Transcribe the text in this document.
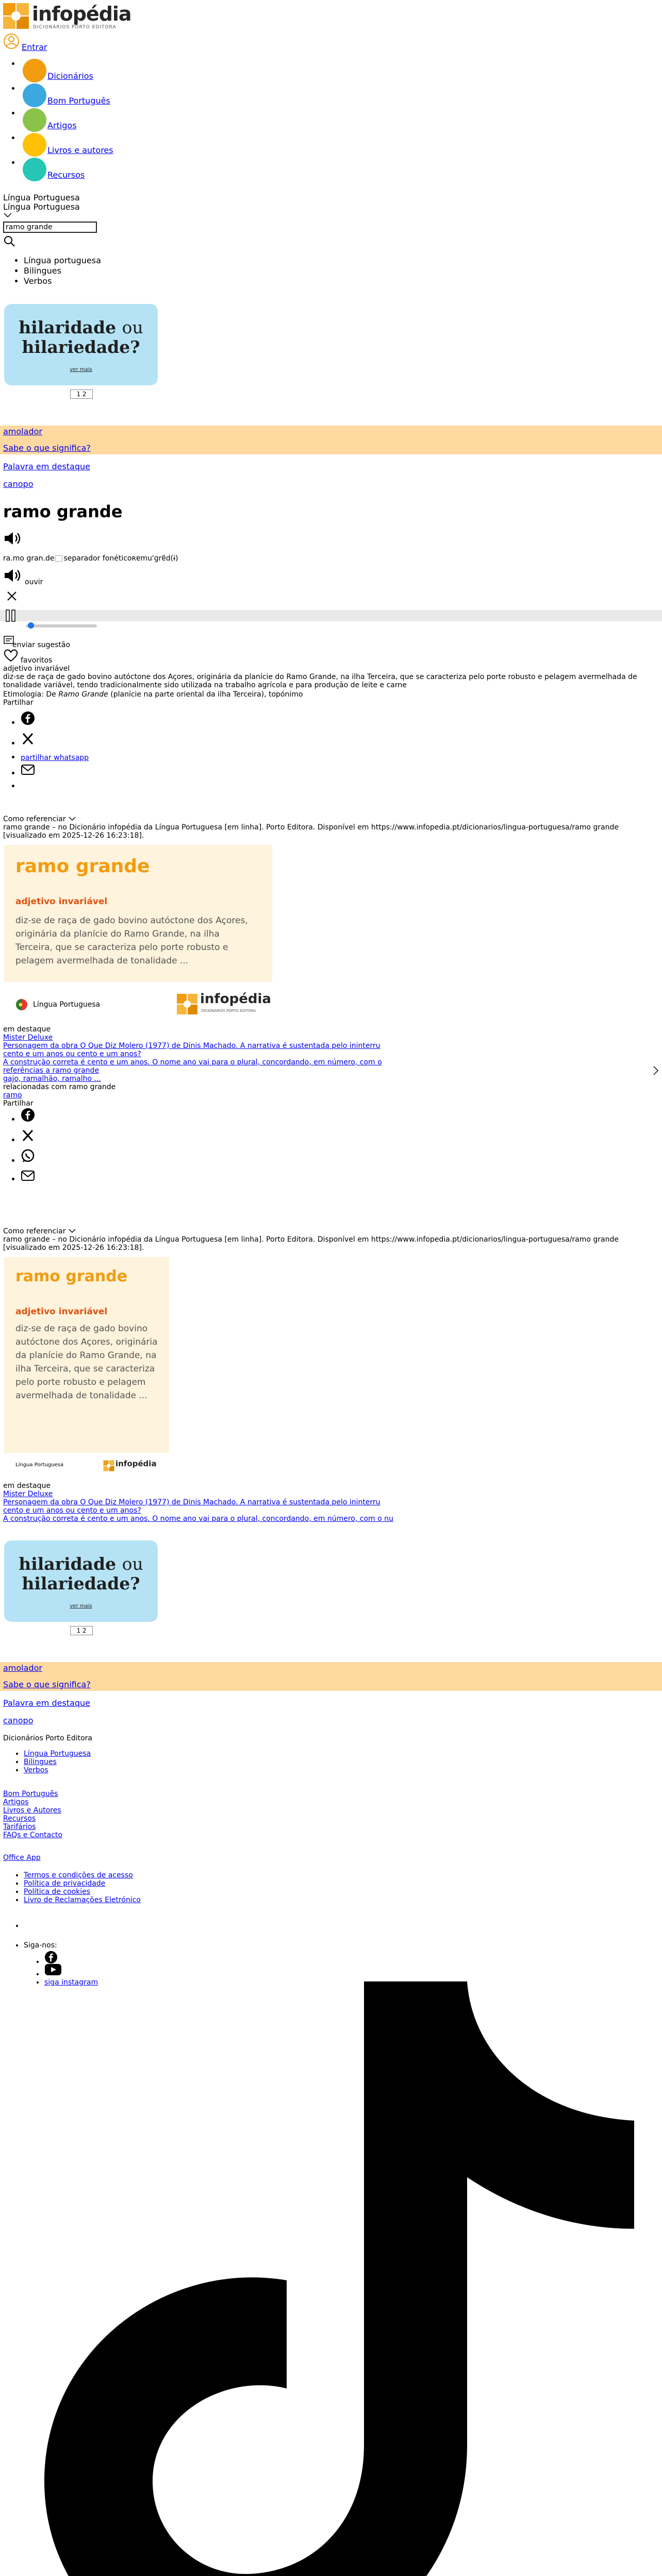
infopédia
DICIONÁRIOS PORTO EDITORA
Entrar
• Dicionários
• Bom Português
• Artigos
• Livros e autores
• Recursos
Língua Portuguesa
Língua Portuguesa
ramo grande
• Língua portuguesa
• Bilingues
• Verbos
hilaridade ou
hilariedade?
ver mais
1 2
amolador
Sabe o que significa?
Palavra em destaque
canopo
ramo grande
ra.mo gran.de separador fonéticoʀɐmu'ɡrɐ̃d(ɨ)
ouvir
enviar sugestão
favoritos
adjetivo invariável
diz-se de raça de gado bovino autóctone dos Açores, originária da planície do Ramo Grande, na ilha Terceira, que se caracteriza pelo porte robusto e pelagem avermelhada de tonalidade variável, tendo tradicionalmente sido utilizada na trabalho agrícola e para produção de leite e carne
Etimologia: De Ramo Grande (planície na parte oriental da ilha Terceira), topónimo
Partilhar
•
•
• partilhar whatsapp
•
•
Como referenciar
ramo grande – no Dicionário infopédia da Língua Portuguesa [em linha]. Porto Editora. Disponível em https://www.infopedia.pt/dicionarios/lingua-portuguesa/ramo grande [visualizado em 2025-12-26 16:23:18].
ramo grande
adjetivo invariável
diz-se de raça de gado bovino autóctone dos Açores, originária da planície do Ramo Grande, na ilha Terceira, que se caracteriza pelo porte robusto e pelagem avermelhada de tonalidade ...
Língua Portuguesa	infopédia
DICIONÁRIOS PORTO EDITORA
em destaque
Mister Deluxe
Personagem da obra O Que Diz Molero (1977) de Dinis Machado. A narrativa é sustentada pelo ininterru
cento e um anos ou cento e um anos?
A construção correta é cento e um anos. O nome ano vai para o plural, concordando, em número, com o
referências a ramo grande
gajo, ramalhão, ramalho ...
relacionadas com ramo grande
ramo
Partilhar
•
•
•
•
Como referenciar
ramo grande – no Dicionário infopédia da Língua Portuguesa [em linha]. Porto Editora. Disponível em https://www.infopedia.pt/dicionarios/lingua-portuguesa/ramo grande [visualizado em 2025-12-26 16:23:18].
ramo grande
adjetivo invariável
diz-se de raça de gado bovino autóctone dos Açores, originária da planície do Ramo Grande, na ilha Terceira, que se caracteriza pelo porte robusto e pelagem avermelhada de tonalidade ...
Língua Portuguesa	infopédia
em destaque
Mister Deluxe
Personagem da obra O Que Diz Molero (1977) de Dinis Machado. A narrativa é sustentada pelo ininterru
cento e um anos ou cento e um anos?
A construção correta é cento e um anos. O nome ano vai para o plural, concordando, em número, com o nu
hilaridade ou
hilariedade?
ver mais
1 2
amolador
Sabe o que significa?
Palavra em destaque
canopo
Dicionários Porto Editora
• Língua Portuguesa
• Bilingues
• Verbos
Bom Português
Artigos
Livros e Autores
Recursos
Tarifários
FAQs e Contacto
Office App
• Termos e condições de acesso
• Política de privacidade
• Política de cookies
• Livro de Reclamações Eletrónico
•
• Siga-nos:
•
•
• siga instagram
